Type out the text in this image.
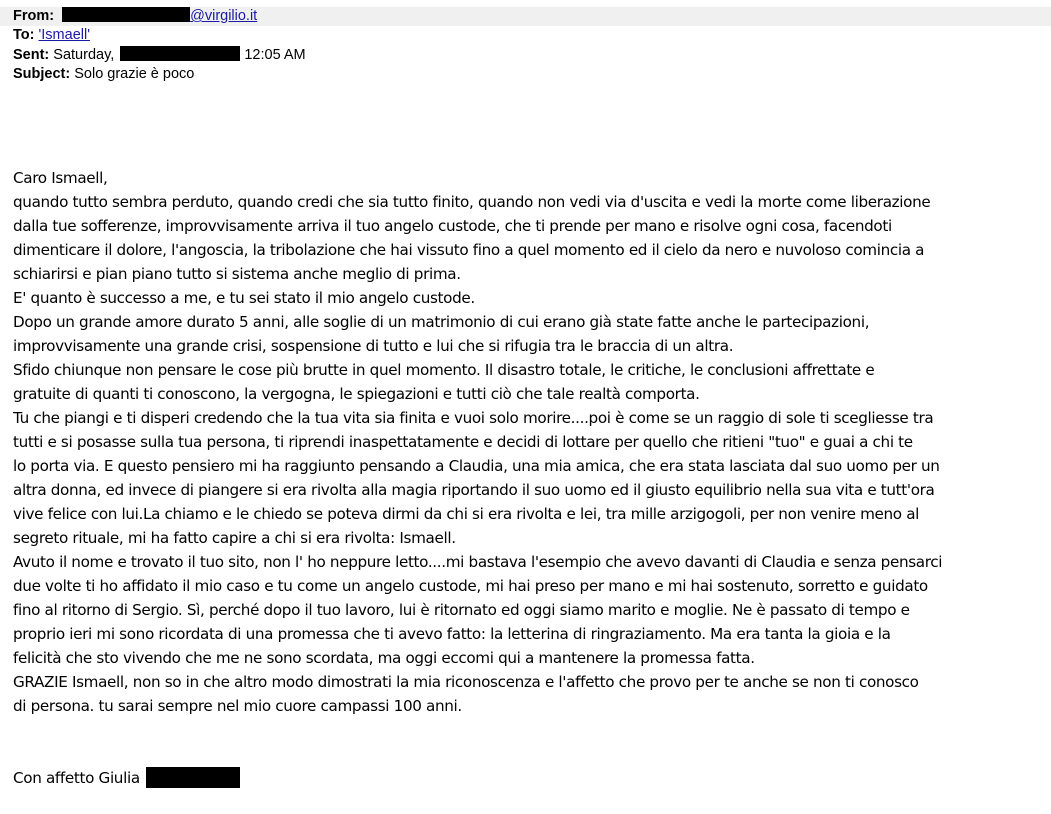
From:	@virgilio.it
To: 'Ismaell'
Sent: Saturday,	12:05 AM
Subject: Solo grazie è poco

Caro Ismaell,
quando tutto sembra perduto, quando credi che sia tutto finito, quando non vedi via d'uscita e vedi la morte come liberazione
dalla tue sofferenze, improvvisamente arriva il tuo angelo custode, che ti prende per mano e risolve ogni cosa, facendoti
dimenticare il dolore, l'angoscia, la tribolazione che hai vissuto fino a quel momento ed il cielo da nero e nuvoloso comincia a
schiarirsi e pian piano tutto si sistema anche meglio di prima.
E' quanto è successo a me, e tu sei stato il mio angelo custode.
Dopo un grande amore durato 5 anni, alle soglie di un matrimonio di cui erano già state fatte anche le partecipazioni,
improvvisamente una grande crisi, sospensione di tutto e lui che si rifugia tra le braccia di un altra.
Sfido chiunque non pensare le cose più brutte in quel momento. Il disastro totale, le critiche, le conclusioni affrettate e
gratuite di quanti ti conoscono, la vergogna, le spiegazioni e tutti ciò che tale realtà comporta.
Tu che piangi e ti disperi credendo che la tua vita sia finita e vuoi solo morire....poi è come se un raggio di sole ti scegliesse tra
tutti e si posasse sulla tua persona, ti riprendi inaspettatamente e decidi di lottare per quello che ritieni "tuo" e guai a chi te
lo porta via. E questo pensiero mi ha raggiunto pensando a Claudia, una mia amica, che era stata lasciata dal suo uomo per un
altra donna, ed invece di piangere si era rivolta alla magia riportando il suo uomo ed il giusto equilibrio nella sua vita e tutt'ora
vive felice con lui.La chiamo e le chiedo se poteva dirmi da chi si era rivolta e lei, tra mille arzigogoli, per non venire meno al
segreto rituale, mi ha fatto capire a chi si era rivolta: Ismaell.
Avuto il nome e trovato il tuo sito, non l' ho neppure letto....mi bastava l'esempio che avevo davanti di Claudia e senza pensarci
due volte ti ho affidato il mio caso e tu come un angelo custode, mi hai preso per mano e mi hai sostenuto, sorretto e guidato
fino al ritorno di Sergio. Sì, perché dopo il tuo lavoro, lui è ritornato ed oggi siamo marito e moglie. Ne è passato di tempo e
proprio ieri mi sono ricordata di una promessa che ti avevo fatto: la letterina di ringraziamento. Ma era tanta la gioia e la
felicità che sto vivendo che me ne sono scordata, ma oggi eccomi qui a mantenere la promessa fatta.
GRAZIE Ismaell, non so in che altro modo dimostrati la mia riconoscenza e l'affetto che provo per te anche se non ti conosco
di persona. tu sarai sempre nel mio cuore campassi 100 anni.

Con affetto Giulia
